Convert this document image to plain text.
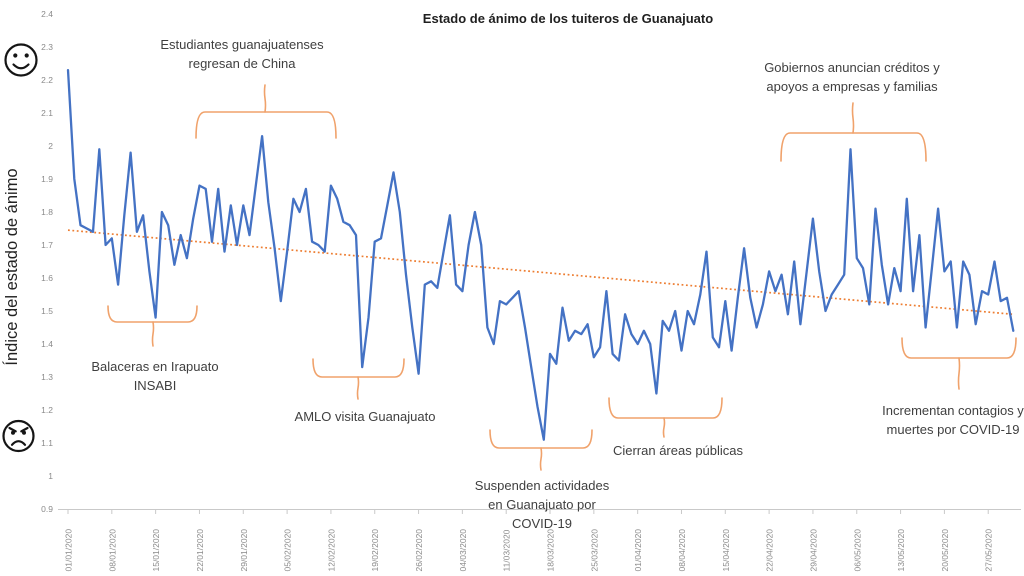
Estado de ánimo de los tuiteros de Guanajuato
Índice del estado de ánimo
2.4
2.3
2.2
2.1
2
1.9
1.8
1.7
1.6
1.5
1.4
1.3
1.2
1.1
1
0.9
01/01/2020	08/01/2020	15/01/2020	22/01/2020	29/01/2020	05/02/2020	12/02/2020	19/02/2020	26/02/2020	04/03/2020	11/03/2020	18/03/2020	25/03/2020	01/04/2020	08/04/2020	15/04/2020	22/04/2020	29/04/2020	06/05/2020	13/05/2020	20/05/2020	27/05/2020
Estudiantes guanajuatenses
regresan de China
Balaceras en Irapuato
INSABI
AMLO visita Guanajuato
Suspenden actividades
en Guanajuato por
COVID-19
Cierran áreas públicas
Gobiernos anuncian créditos y
apoyos a empresas y familias
Incrementan contagios y
muertes por COVID-19
